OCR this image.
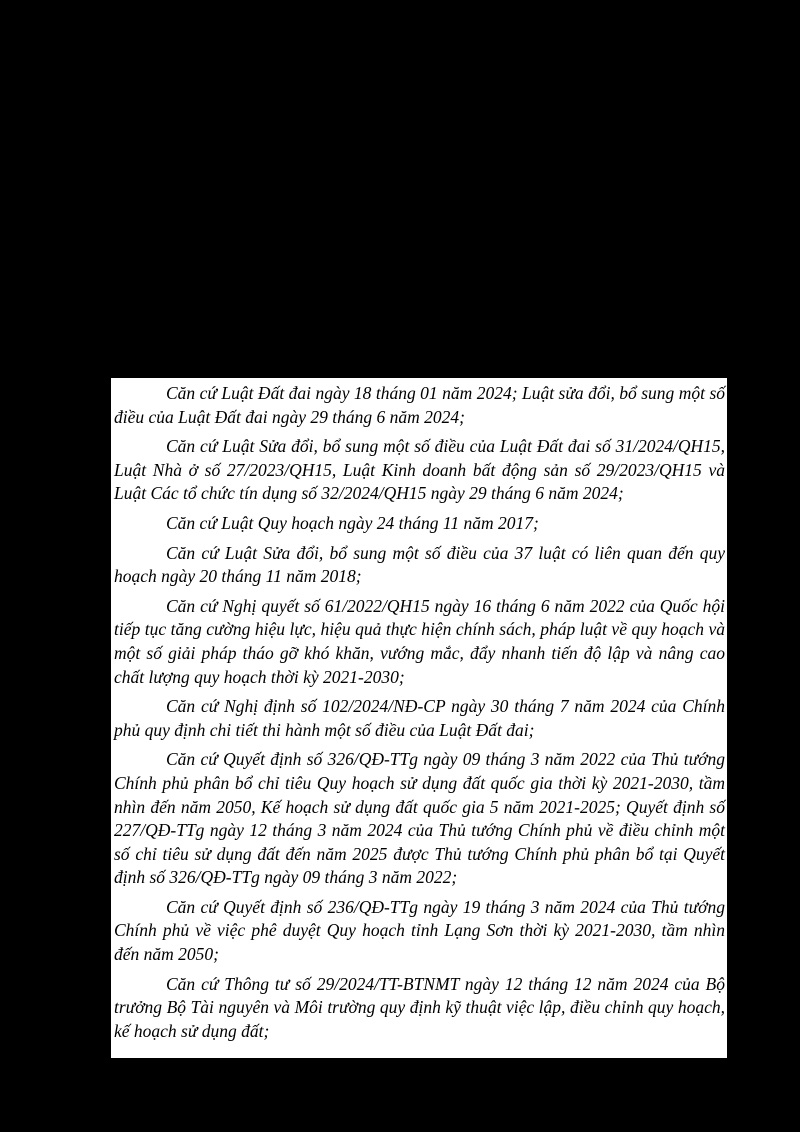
Căn cứ Luật Đất đai ngày 18 tháng 01 năm 2024; Luật sửa đổi, bổ sung một số điều của Luật Đất đai ngày 29 tháng 6 năm 2024;

Căn cứ Luật Sửa đổi, bổ sung một số điều của Luật Đất đai số 31/2024/QH15, Luật Nhà ở số 27/2023/QH15, Luật Kinh doanh bất động sản số 29/2023/QH15 và Luật Các tổ chức tín dụng số 32/2024/QH15 ngày 29 tháng 6 năm 2024;

Căn cứ Luật Quy hoạch ngày 24 tháng 11 năm 2017;

Căn cứ Luật Sửa đổi, bổ sung một số điều của 37 luật có liên quan đến quy hoạch ngày 20 tháng 11 năm 2018;

Căn cứ Nghị quyết số 61/2022/QH15 ngày 16 tháng 6 năm 2022 của Quốc hội tiếp tục tăng cường hiệu lực, hiệu quả thực hiện chính sách, pháp luật về quy hoạch và một số giải pháp tháo gỡ khó khăn, vướng mắc, đẩy nhanh tiến độ lập và nâng cao chất lượng quy hoạch thời kỳ 2021-2030;

Căn cứ Nghị định số 102/2024/NĐ-CP ngày 30 tháng 7 năm 2024 của Chính phủ quy định chi tiết thi hành một số điều của Luật Đất đai;

Căn cứ Quyết định số 326/QĐ-TTg ngày 09 tháng 3 năm 2022 của Thủ tướng Chính phủ phân bổ chỉ tiêu Quy hoạch sử dụng đất quốc gia thời kỳ 2021-2030, tầm nhìn đến năm 2050, Kế hoạch sử dụng đất quốc gia 5 năm 2021-2025; Quyết định số 227/QĐ-TTg ngày 12 tháng 3 năm 2024 của Thủ tướng Chính phủ về điều chỉnh một số chỉ tiêu sử dụng đất đến năm 2025 được Thủ tướng Chính phủ phân bổ tại Quyết định số 326/QĐ-TTg ngày 09 tháng 3 năm 2022;

Căn cứ Quyết định số 236/QĐ-TTg ngày 19 tháng 3 năm 2024 của Thủ tướng Chính phủ về việc phê duyệt Quy hoạch tỉnh Lạng Sơn thời kỳ 2021-2030, tầm nhìn đến năm 2050;

Căn cứ Thông tư số 29/2024/TT-BTNMT ngày 12 tháng 12 năm 2024 của Bộ trưởng Bộ Tài nguyên và Môi trường quy định kỹ thuật việc lập, điều chỉnh quy hoạch, kế hoạch sử dụng đất;
